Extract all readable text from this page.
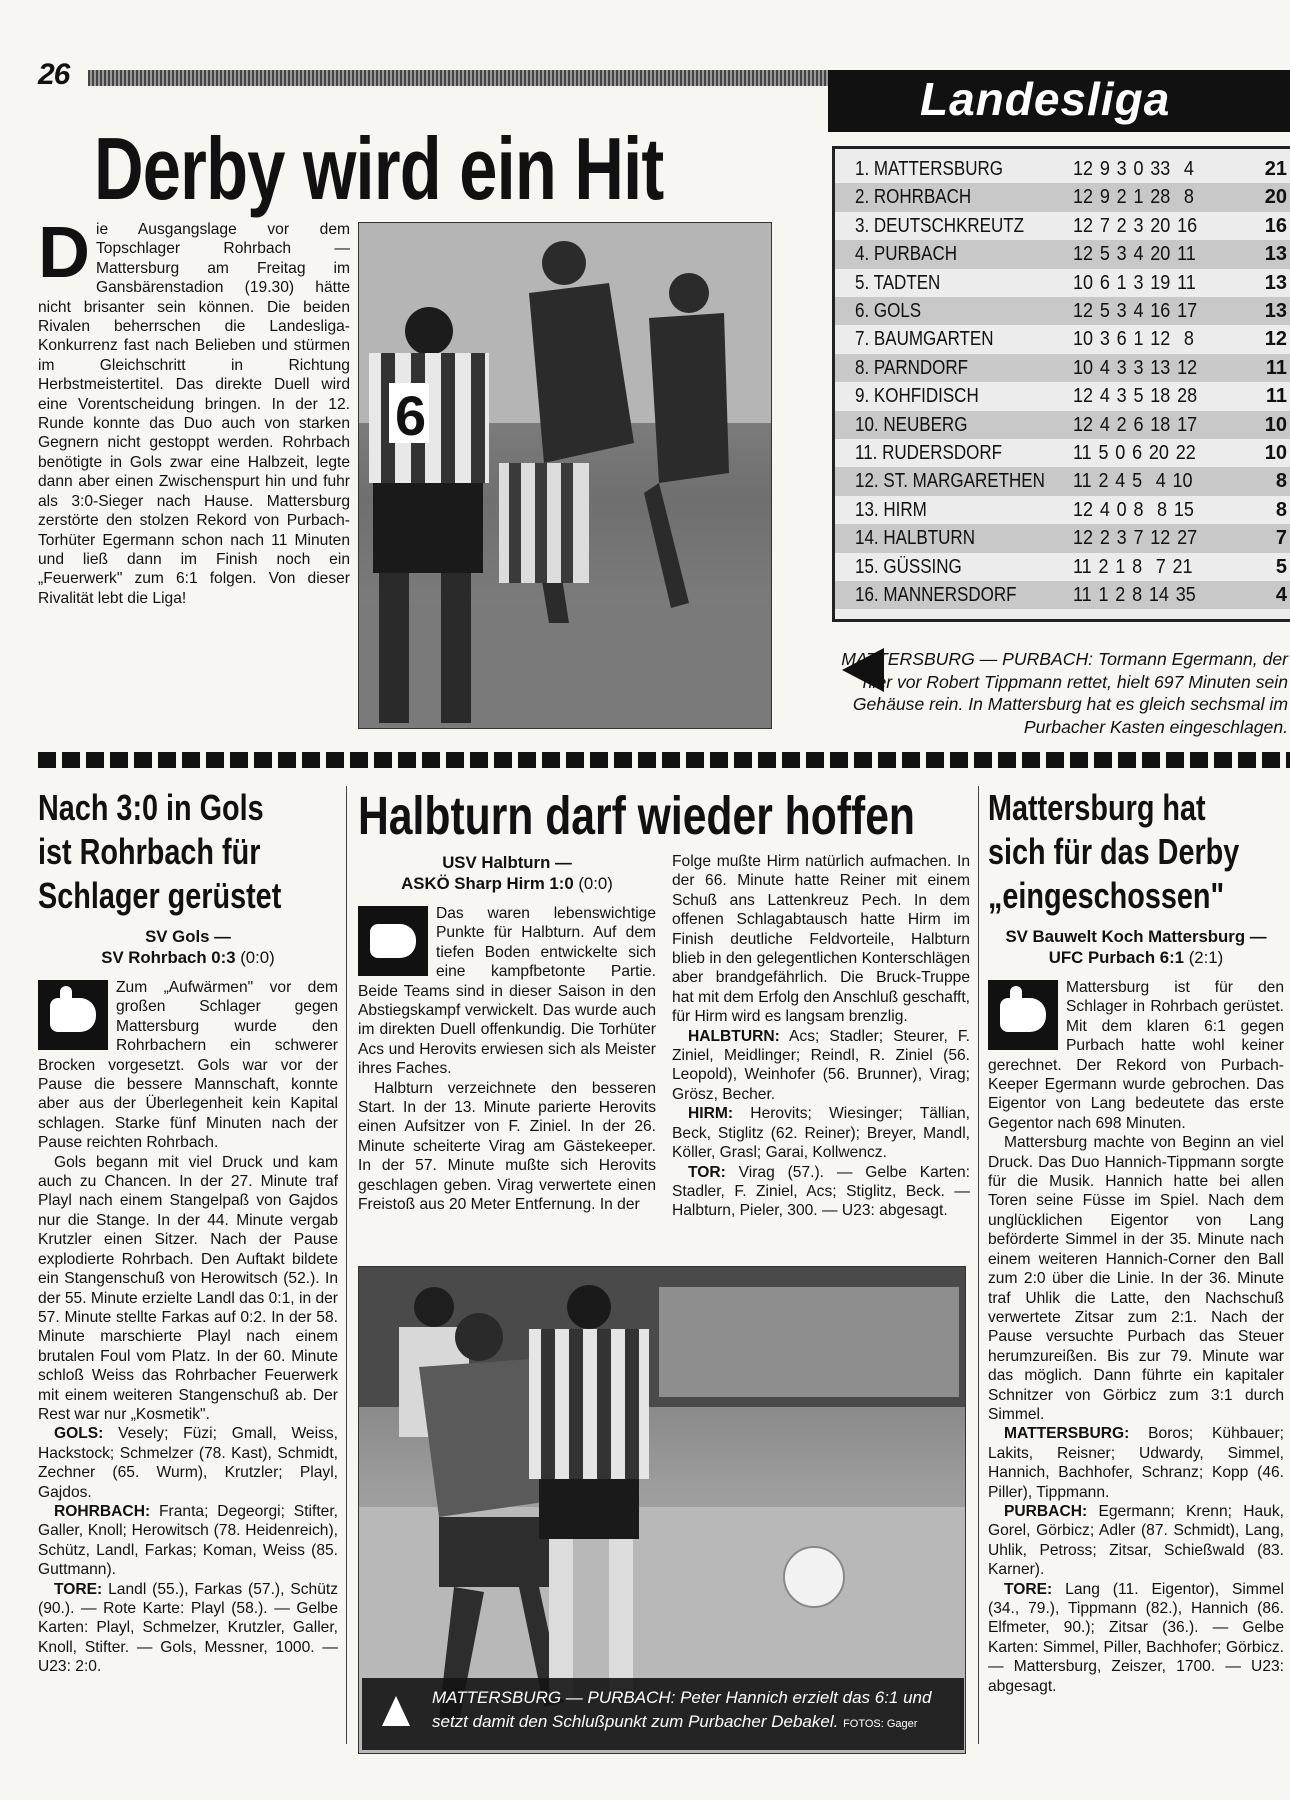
26	Landesliga
Derby wird ein Hit
Die Ausgangslage vor dem Topschlager Rohrbach — Mattersburg am Freitag im Gansbärenstadion (19.30) hätte nicht brisanter sein können. Die beiden Rivalen beherrschen die Landesliga-Konkurrenz fast nach Belieben und stürmen im Gleichschritt in Richtung Herbstmeistertitel. Das direkte Duell wird eine Vorentscheidung bringen. In der 12. Runde konnte das Duo auch von starken Gegnern nicht gestoppt werden. Rohrbach benötigte in Gols zwar eine Halbzeit, legte dann aber einen Zwischenspurt hin und fuhr als 3:0-Sieger nach Hause. Mattersburg zerstörte den stolzen Rekord von Purbach-Torhüter Egermann schon nach 11 Minuten und ließ dann im Finish noch ein „Feuerwerk" zum 6:1 folgen. Von dieser Rivalität lebt die Liga!
6
1. MATTERSBURG	12 9 3 0 33  4	21
2. ROHRBACH	12 9 2 1 28  8	20
3. DEUTSCHKREUTZ 12 7 2 3 20 16	16
4. PURBACH	12 5 3 4 20 11	13
5. TADTEN	10 6 1 3 19 11	13
6. GOLS	12 5 3 4 16 17	13
7. BAUMGARTEN	10 3 6 1 12  8	12
8. PARNDORF	10 4 3 3 13 12	11
9. KOHFIDISCH	12 4 3 5 18 28	11
10. NEUBERG	12 4 2 6 18 17	10
11. RUDERSDORF	11 5 0 6 20 22	10
12. ST. MARGARETHEN 11 2 4 5  4 10	8
13. HIRM	12 4 0 8  8 15	8
14. HALBTURN	12 2 3 7 12 27	7
15. GÜSSING	11 2 1 8  7 21	5
16. MANNERSDORF	11 1 2 8 14 35	4
MATTERSBURG — PURBACH: Tormann Egermann, der hier vor Robert Tippmann rettet, hielt 697 Minuten sein Gehäuse rein. In Mattersburg hat es gleich sechsmal im Purbacher Kasten eingeschlagen.
Nach 3:0 in Gols
ist Rohrbach für
Schlager gerüstet
SV Gols —
SV Rohrbach 0:3 (0:0)

Zum „Aufwärmen" vor dem großen Schlager gegen Mattersburg wurde den Rohrbachern ein schwerer Brocken vorgesetzt. Gols war vor der Pause die bessere Mannschaft, konnte aber aus der Überlegenheit kein Kapital schlagen. Starke fünf Minuten nach der Pause reichten Rohrbach.

Gols begann mit viel Druck und kam auch zu Chancen. In der 27. Minute traf Playl nach einem Stangelpaß von Gajdos nur die Stange. In der 44. Minute vergab Krutzler einen Sitzer. Nach der Pause explodierte Rohrbach. Den Auftakt bildete ein Stangenschuß von Herowitsch (52.). In der 55. Minute erzielte Landl das 0:1, in der 57. Minute stellte Farkas auf 0:2. In der 58. Minute marschierte Playl nach einem brutalen Foul vom Platz. In der 60. Minute schloß Weiss das Rohrbacher Feuerwerk mit einem weiteren Stangenschuß ab. Der Rest war nur „Kosmetik".

GOLS: Vesely; Füzi; Gmall, Weiss, Hackstock; Schmelzer (78. Kast), Schmidt, Zechner (65. Wurm), Krutzler; Playl, Gajdos.

ROHRBACH: Franta; Degeorgi; Stifter, Galler, Knoll; Herowitsch (78. Heidenreich), Schütz, Landl, Farkas; Koman, Weiss (85. Guttmann).

TORE: Landl (55.), Farkas (57.), Schütz (90.). — Rote Karte: Playl (58.). — Gelbe Karten: Playl, Schmelzer, Krutzler, Galler, Knoll, Stifter. — Gols, Messner, 1000. — U23: 2:0.

Halbturn darf wieder hoffen
USV Halbturn —
ASKÖ Sharp Hirm 1:0 (0:0)

Das waren lebenswichtige Punkte für Halbturn. Auf dem tiefen Boden entwickelte sich eine kampfbetonte Partie. Beide Teams sind in dieser Saison in den Abstiegskampf verwickelt. Das wurde auch im direkten Duell offenkundig. Die Torhüter Acs und Herovits erwiesen sich als Meister ihres Faches.

Halbturn verzeichnete den besseren Start. In der 13. Minute parierte Herovits einen Aufsitzer von F. Ziniel. In der 26. Minute scheiterte Virag am Gästekeeper. In der 57. Minute mußte sich Herovits geschlagen geben. Virag verwertete einen Freistoß aus 20 Meter Entfernung. In der

Folge mußte Hirm natürlich aufmachen. In der 66. Minute hatte Reiner mit einem Schuß ans Lattenkreuz Pech. In dem offenen Schlagabtausch hatte Hirm im Finish deutliche Feldvorteile, Halbturn blieb in den gelegentlichen Konterschlägen aber brandgefährlich. Die Bruck-Truppe hat mit dem Erfolg den Anschluß geschafft, für Hirm wird es langsam brenzlig.

HALBTURN: Acs; Stadler; Steurer, F. Ziniel, Meidlinger; Reindl, R. Ziniel (56. Leopold), Weinhofer (56. Brunner), Virag; Grösz, Becher.

HIRM: Herovits; Wiesinger; Tällian, Beck, Stiglitz (62. Reiner); Breyer, Mandl, Köller, Grasl; Garai, Kollwencz.

TOR: Virag (57.). — Gelbe Karten: Stadler, F. Ziniel, Acs; Stiglitz, Beck. — Halbturn, Pieler, 300. — U23: abgesagt.

MATTERSBURG — PURBACH: Peter Hannich erzielt das 6:1 und setzt damit den Schlußpunkt zum Purbacher Debakel. FOTOS: Gager
Mattersburg hat
sich für das Derby
„eingeschossen"
SV Bauwelt Koch Mattersburg —
UFC Purbach 6:1 (2:1)

Mattersburg ist für den Schlager in Rohrbach gerüstet. Mit dem klaren 6:1 gegen Purbach hatte wohl keiner gerechnet. Der Rekord von Purbach-Keeper Egermann wurde gebrochen. Das Eigentor von Lang bedeutete das erste Gegentor nach 698 Minuten.

Mattersburg machte von Beginn an viel Druck. Das Duo Hannich-Tippmann sorgte für die Musik. Hannich hatte bei allen Toren seine Füsse im Spiel. Nach dem unglücklichen Eigentor von Lang beförderte Simmel in der 35. Minute nach einem weiteren Hannich-Corner den Ball zum 2:0 über die Linie. In der 36. Minute traf Uhlik die Latte, den Nachschuß verwertete Zitsar zum 2:1. Nach der Pause versuchte Purbach das Steuer herumzureißen. Bis zur 79. Minute war das möglich. Dann führte ein kapitaler Schnitzer von Görbicz zum 3:1 durch Simmel.

MATTERSBURG: Boros; Kühbauer; Lakits, Reisner; Udwardy, Simmel, Hannich, Bachhofer, Schranz; Kopp (46. Piller), Tippmann.

PURBACH: Egermann; Krenn; Hauk, Gorel, Görbicz; Adler (87. Schmidt), Lang, Uhlik, Petross; Zitsar, Schießwald (83. Karner).

TORE: Lang (11. Eigentor), Simmel (34., 79.), Tippmann (82.), Hannich (86. Elfmeter, 90.); Zitsar (36.). — Gelbe Karten: Simmel, Piller, Bachhofer; Görbicz. — Mattersburg, Zeiszer, 1700. — U23: abgesagt.
